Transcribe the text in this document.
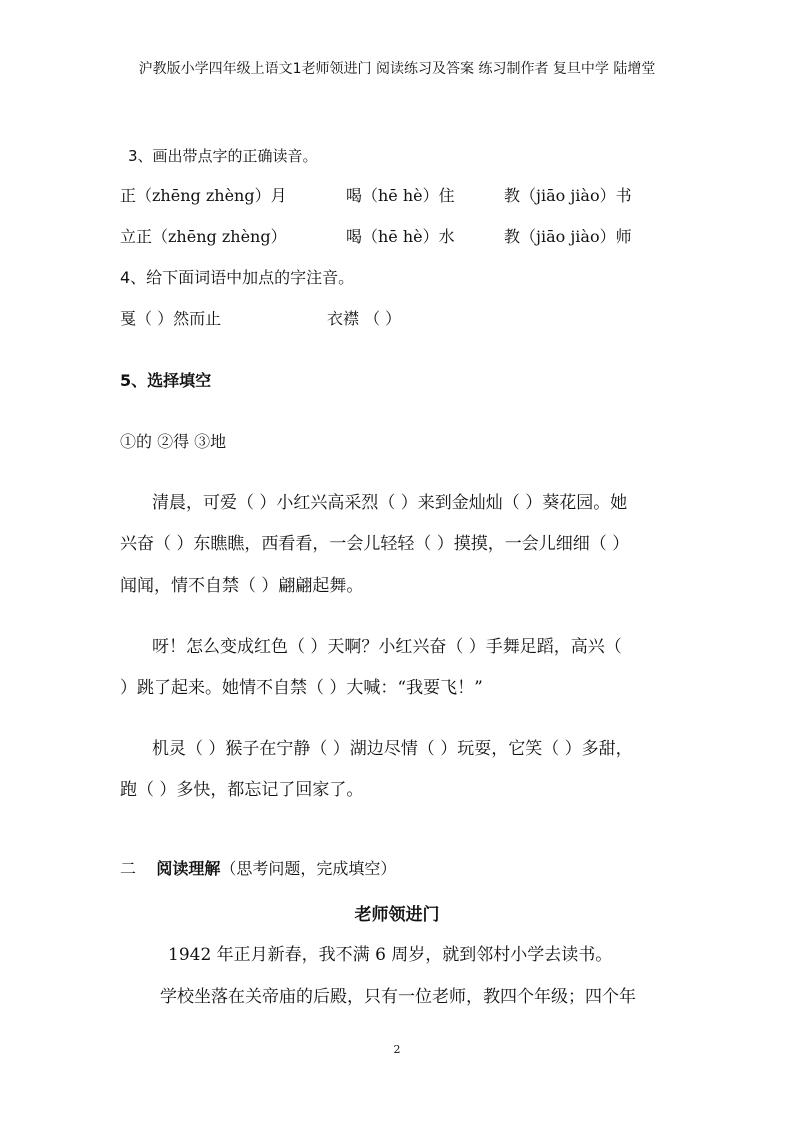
沪教版小学四年级上语文1老师领进门 阅读练习及答案 练习制作者 复旦中学 陆增堂
3、画出带点字的正确读音。
正（zhēng zhèng）月	喝（hē hè）住	教（jiāo jiào）书
立正（zhēng zhèng）	喝（hē hè）水	教（jiāo jiào）师
4、给下面词语中加点的字注音。
戛（ ）然而止	衣襟 （ ）
5、选择填空
①的 ②得 ③地
清晨，可爱（ ）小红兴高采烈（ ）来到金灿灿（ ）葵花园。她
兴奋（ ）东瞧瞧，西看看，一会儿轻轻（ ）摸摸，一会儿细细（ ）
闻闻，情不自禁（ ）翩翩起舞。
呀！怎么变成红色（ ）天啊？小红兴奋（ ）手舞足蹈，高兴（
）跳了起来。她情不自禁（ ）大喊：“我要飞！”
机灵（ ）猴子在宁静（ ）湖边尽情（ ）玩耍，它笑（ ）多甜，
跑（ ）多快，都忘记了回家了。
二 阅读理解（思考问题，完成填空）
老师领进门
1942 年正月新春，我不满 6 周岁，就到邻村小学去读书。
学校坐落在关帝庙的后殿，只有一位老师，教四个年级；四个年
2
